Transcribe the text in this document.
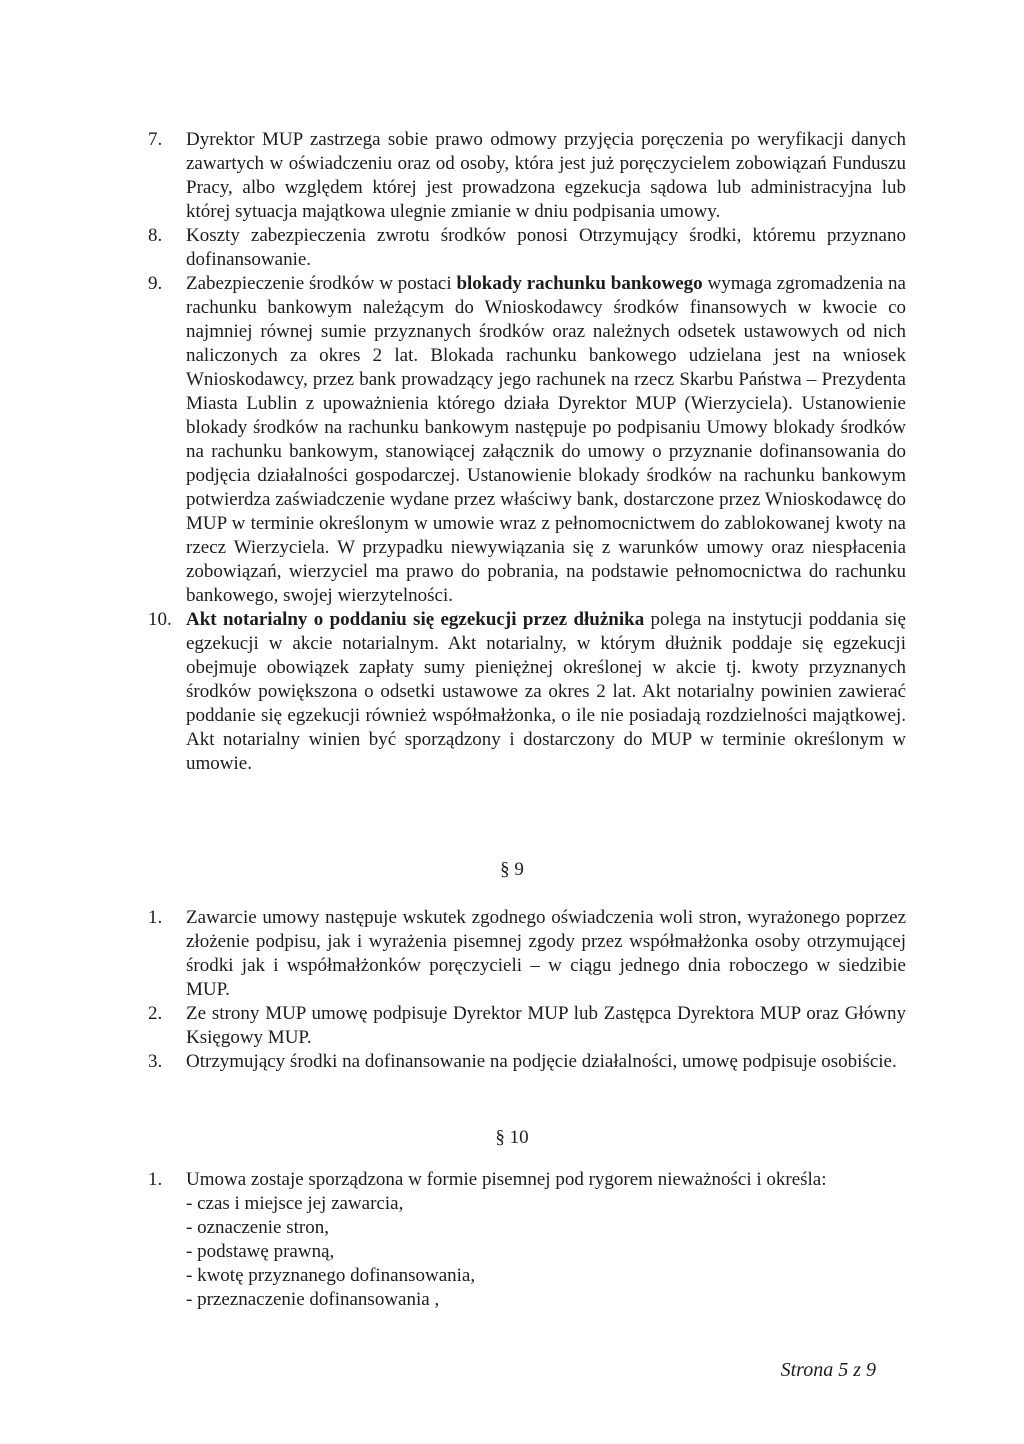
7.	Dyrektor MUP zastrzega sobie prawo odmowy przyjęcia poręczenia po weryfikacji danych zawartych w oświadczeniu oraz od osoby, która jest już poręczycielem zobowiązań Funduszu Pracy, albo względem której jest prowadzona egzekucja sądowa lub administracyjna lub której sytuacja majątkowa ulegnie zmianie w dniu podpisania umowy.
8.	Koszty zabezpieczenia zwrotu środków ponosi Otrzymujący środki, któremu przyznano dofinansowanie.
9.	Zabezpieczenie środków w postaci blokady rachunku bankowego wymaga zgromadzenia na rachunku bankowym należącym do Wnioskodawcy środków finansowych w kwocie co najmniej równej sumie przyznanych środków oraz należnych odsetek ustawowych od nich naliczonych za okres 2 lat. Blokada rachunku bankowego udzielana jest na wniosek Wnioskodawcy, przez bank prowadzący jego rachunek na rzecz Skarbu Państwa – Prezydenta Miasta Lublin z upoważnienia którego działa Dyrektor MUP (Wierzyciela). Ustanowienie blokady środków na rachunku bankowym następuje po podpisaniu Umowy blokady środków na rachunku bankowym, stanowiącej załącznik do umowy o przyznanie dofinansowania do podjęcia działalności gospodarczej. Ustanowienie blokady środków na rachunku bankowym potwierdza zaświadczenie wydane przez właściwy bank, dostarczone przez Wnioskodawcę do MUP w terminie określonym w umowie wraz z pełnomocnictwem do zablokowanej kwoty na rzecz Wierzyciela. W przypadku niewywiązania się z warunków umowy oraz niespłacenia zobowiązań, wierzyciel ma prawo do pobrania, na podstawie pełnomocnictwa do rachunku bankowego, swojej wierzytelności.
10. Akt notarialny o poddaniu się egzekucji przez dłużnika polega na instytucji poddania się egzekucji w akcie notarialnym. Akt notarialny, w którym dłużnik poddaje się egzekucji obejmuje obowiązek zapłaty sumy pieniężnej określonej w akcie tj. kwoty przyznanych środków powiększona o odsetki ustawowe za okres 2 lat. Akt notarialny powinien zawierać poddanie się egzekucji również współmałżonka, o ile nie posiadają rozdzielności majątkowej. Akt notarialny winien być sporządzony i dostarczony do MUP w terminie określonym w umowie.
§ 9
1.	Zawarcie umowy następuje wskutek zgodnego oświadczenia woli stron, wyrażonego poprzez złożenie podpisu, jak i wyrażenia pisemnej zgody przez współmałżonka osoby otrzymującej środki jak i współmałżonków poręczycieli – w ciągu jednego dnia roboczego w siedzibie MUP.
2.	Ze strony MUP umowę podpisuje Dyrektor MUP lub Zastępca Dyrektora MUP oraz Główny Księgowy MUP.
3.	Otrzymujący środki na dofinansowanie na podjęcie działalności, umowę podpisuje osobiście.
§ 10
1.	Umowa zostaje sporządzona w formie pisemnej pod rygorem nieważności i określa:
- czas i miejsce jej zawarcia,
- oznaczenie stron,
- podstawę prawną,
- kwotę przyznanego dofinansowania,
- przeznaczenie dofinansowania ,
Strona 5 z 9
